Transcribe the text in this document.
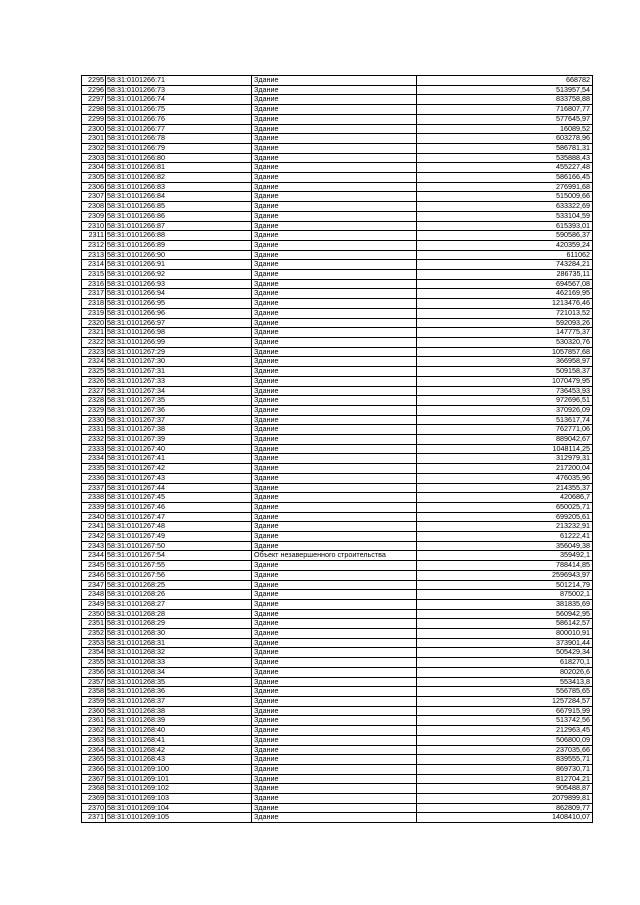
2295	58:31:0101266:71	Здание	668782
2296	58:31:0101266:73	Здание	513957,54
2297	58:31:0101266:74	Здание	833758,88
2298	58:31:0101266:75	Здание	716807,77
2299	58:31:0101266:76	Здание	577645,97
2300	58:31:0101266:77	Здание	16089,52
2301	58:31:0101266:78	Здание	603278,96
2302	58:31:0101266:79	Здание	586781,31
2303	58:31:0101266:80	Здание	535888,43
2304	58:31:0101266:81	Здание	455227,48
2305	58:31:0101266:82	Здание	586166,45
2306	58:31:0101266:83	Здание	276991,68
2307	58:31:0101266:84	Здание	515009,66
2308	58:31:0101266:85	Здание	633322,69
2309	58:31:0101266:86	Здание	533104,59
2310	58:31:0101266:87	Здание	615393,01
2311	58:31:0101266:88	Здание	590586,37
2312	58:31:0101266:89	Здание	420359,24
2313	58:31:0101266:90	Здание	611062
2314	58:31:0101266:91	Здание	743284,21
2315	58:31:0101266:92	Здание	286735,11
2316	58:31:0101266:93	Здание	694567,08
2317	58:31:0101266:94	Здание	462169,95
2318	58:31:0101266:95	Здание	1213476,46
2319	58:31:0101266:96	Здание	721013,52
2320	58:31:0101266:97	Здание	592093,26
2321	58:31:0101266:98	Здание	147775,37
2322	58:31:0101266:99	Здание	530320,76
2323	58:31:0101267:29	Здание	1057857,68
2324	58:31:0101267:30	Здание	366958,97
2325	58:31:0101267:31	Здание	509158,37
2326	58:31:0101267:33	Здание	1070479,95
2327	58:31:0101267:34	Здание	736453,93
2328	58:31:0101267:35	Здание	972696,51
2329	58:31:0101267:36	Здание	370926,09
2330	58:31:0101267:37	Здание	513617,74
2331	58:31:0101267:38	Здание	762771,06
2332	58:31:0101267:39	Здание	889042,67
2333	58:31:0101267:40	Здание	1048114,25
2334	58:31:0101267:41	Здание	312979,31
2335	58:31:0101267:42	Здание	217200,04
2336	58:31:0101267:43	Здание	476035,96
2337	58:31:0101267:44	Здание	214355,37
2338	58:31:0101267:45	Здание	420686,7
2339	58:31:0101267:46	Здание	650025,71
2340	58:31:0101267:47	Здание	699205,61
2341	58:31:0101267:48	Здание	213232,91
2342	58:31:0101267:49	Здание	61222,41
2343	58:31:0101267:50	Здание	356049,38
2344	58:31:0101267:54	Объект незавершенного строительства	359492,1
2345	58:31:0101267:55	Здание	788414,85
2346	58:31:0101267:56	Здание	2596943,97
2347	58:31:0101268:25	Здание	501214,79
2348	58:31:0101268:26	Здание	875002,1
2349	58:31:0101268:27	Здание	381835,69
2350	58:31:0101268:28	Здание	560942,95
2351	58:31:0101268:29	Здание	586142,57
2352	58:31:0101268:30	Здание	800010,91
2353	58:31:0101268:31	Здание	373901,44
2354	58:31:0101268:32	Здание	505429,34
2355	58:31:0101268:33	Здание	618270,1
2356	58:31:0101268:34	Здание	802026,6
2357	58:31:0101268:35	Здание	553413,8
2358	58:31:0101268:36	Здание	556785,65
2359	58:31:0101268:37	Здание	1257284,57
2360	58:31:0101268:38	Здание	667915,99
2361	58:31:0101268:39	Здание	513742,56
2362	58:31:0101268:40	Здание	212963,45
2363	58:31:0101268:41	Здание	506800,09
2364	58:31:0101268:42	Здание	237035,66
2365	58:31:0101268:43	Здание	839555,71
2366	58:31:0101269:100	Здание	869730,71
2367	58:31:0101269:101	Здание	812704,21
2368	58:31:0101269:102	Здание	905488,87
2369	58:31:0101269:103	Здание	2079899,81
2370	58:31:0101269:104	Здание	862809,77
2371	58:31:0101269:105	Здание	1408410,07
